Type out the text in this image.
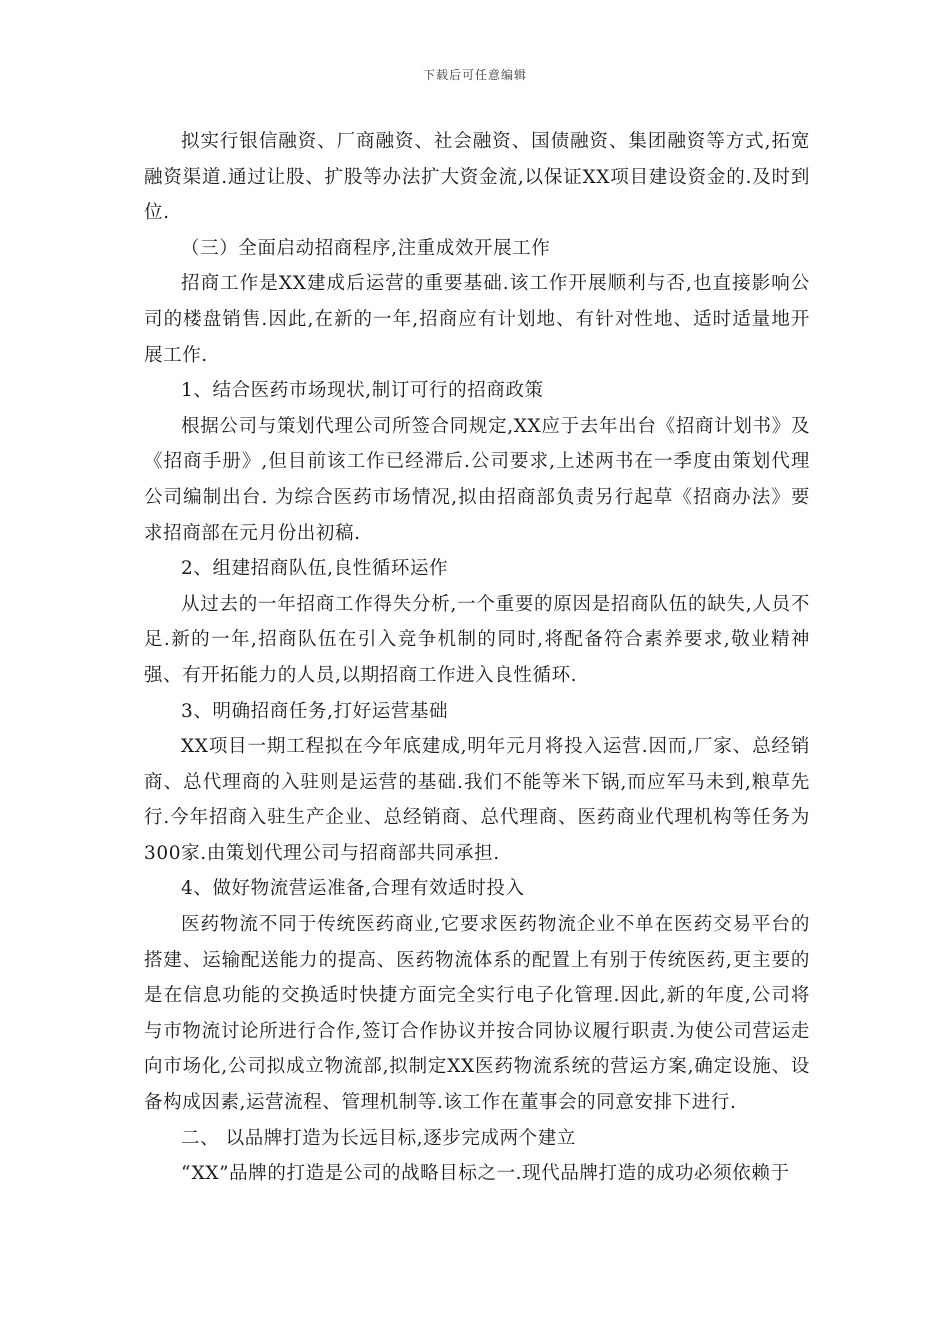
下载后可任意编辑

拟实行银信融资、厂商融资、社会融资、国债融资、集团融资等方式,拓宽融资渠道.通过让股、扩股等办法扩大资金流,以保证XX项目建设资金的.及时到位.

（三）全面启动招商程序,注重成效开展工作

招商工作是XX建成后运营的重要基础.该工作开展顺利与否,也直接影响公司的楼盘销售.因此,在新的一年,招商应有计划地、有针对性地、适时适量地开展工作.

1、结合医药市场现状,制订可行的招商政策

根据公司与策划代理公司所签合同规定,XX应于去年出台《招商计划书》及《招商手册》,但目前该工作已经滞后.公司要求,上述两书在一季度由策划代理公司编制出台. 为综合医药市场情况,拟由招商部负责另行起草《招商办法》要求招商部在元月份出初稿.

2、组建招商队伍,良性循环运作

从过去的一年招商工作得失分析,一个重要的原因是招商队伍的缺失,人员不足.新的一年,招商队伍在引入竞争机制的同时,将配备符合素养要求,敬业精神强、有开拓能力的人员,以期招商工作进入良性循环.

3、明确招商任务,打好运营基础

XX项目一期工程拟在今年底建成,明年元月将投入运营.因而,厂家、总经销商、总代理商的入驻则是运营的基础.我们不能等米下锅,而应军马未到,粮草先行.今年招商入驻生产企业、总经销商、总代理商、医药商业代理机构等任务为300家.由策划代理公司与招商部共同承担.

4、做好物流营运准备,合理有效适时投入

医药物流不同于传统医药商业,它要求医药物流企业不单在医药交易平台的搭建、运输配送能力的提高、医药物流体系的配置上有别于传统医药,更主要的是在信息功能的交换适时快捷方面完全实行电子化管理.因此,新的年度,公司将与市物流讨论所进行合作,签订合作协议并按合同协议履行职责.为使公司营运走向市场化,公司拟成立物流部,拟制定XX医药物流系统的营运方案,确定设施、设备构成因素,运营流程、管理机制等.该工作在董事会的同意安排下进行.

二、 以品牌打造为长远目标,逐步完成两个建立

“XX”品牌的打造是公司的战略目标之一.现代品牌打造的成功必须依赖于
